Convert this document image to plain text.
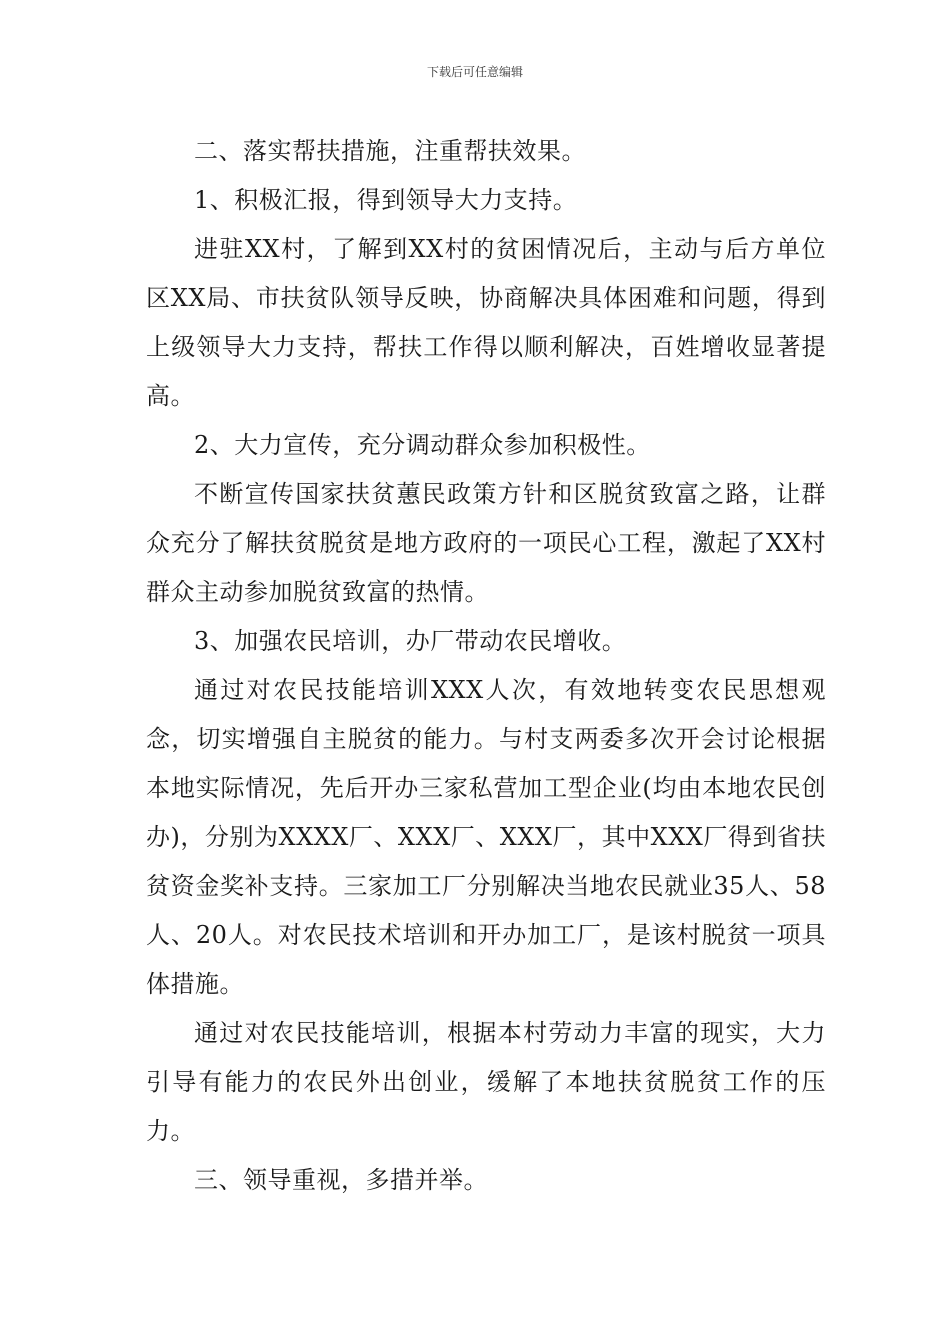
下载后可任意编辑

二、落实帮扶措施，注重帮扶效果。

1、积极汇报，得到领导大力支持。

进驻XX村，了解到XX村的贫困情况后，主动与后方单位区XX局、市扶贫队领导反映，协商解决具体困难和问题，得到上级领导大力支持，帮扶工作得以顺利解决，百姓增收显著提高。

2、大力宣传，充分调动群众参加积极性。

不断宣传国家扶贫蕙民政策方针和区脱贫致富之路，让群众充分了解扶贫脱贫是地方政府的一项民心工程，激起了XX村群众主动参加脱贫致富的热情。

3、加强农民培训，办厂带动农民增收。

通过对农民技能培训XXX人次，有效地转变农民思想观念，切实增强自主脱贫的能力。与村支两委多次开会讨论根据本地实际情况，先后开办三家私营加工型企业(均由本地农民创办)，分别为XXXX厂、XXX厂、XXX厂，其中XXX厂得到省扶贫资金奖补支持。三家加工厂分别解决当地农民就业35人、58人、20人。对农民技术培训和开办加工厂，是该村脱贫一项具体措施。

通过对农民技能培训，根据本村劳动力丰富的现实，大力引导有能力的农民外出创业，缓解了本地扶贫脱贫工作的压力。

三、领导重视，多措并举。
